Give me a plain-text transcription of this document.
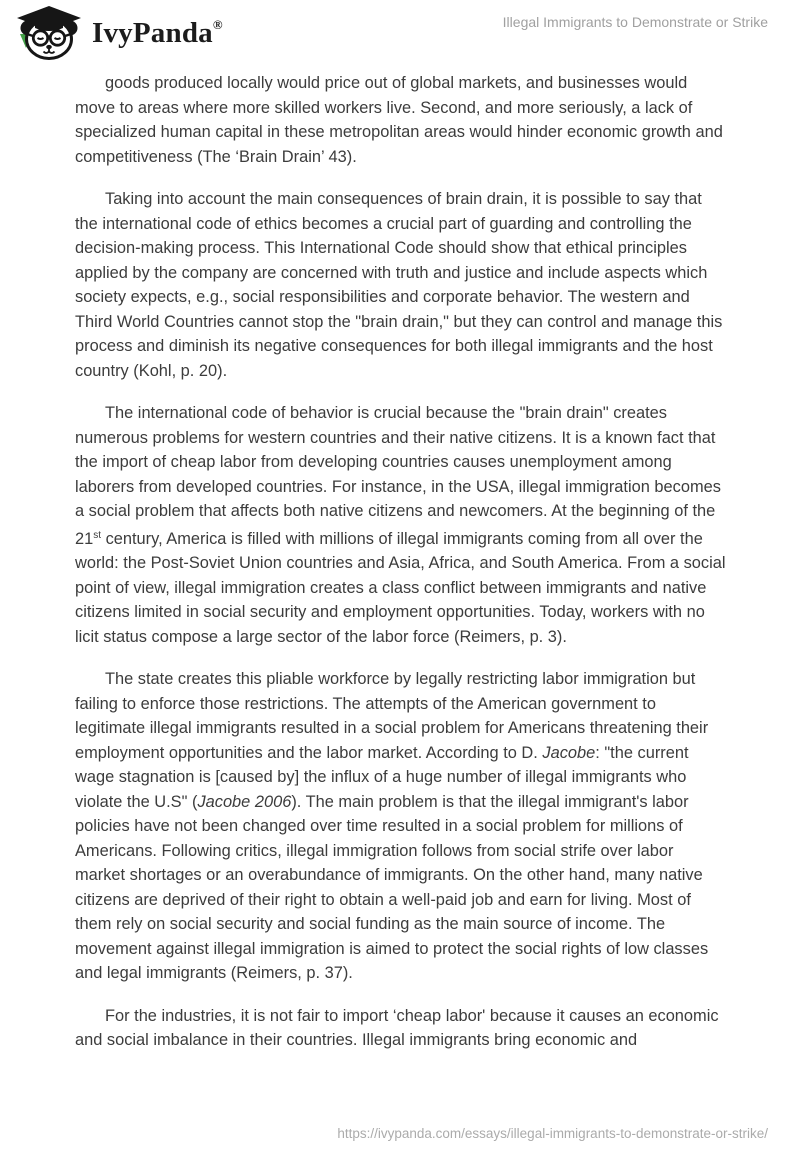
IvyPanda®	Illegal Immigrants to Demonstrate or Strike

goods produced locally would price out of global markets, and businesses would move to areas where more skilled workers live. Second, and more seriously, a lack of specialized human capital in these metropolitan areas would hinder economic growth and competitiveness (The ‘Brain Drain’ 43).

Taking into account the main consequences of brain drain, it is possible to say that the international code of ethics becomes a crucial part of guarding and controlling the decision-making process. This International Code should show that ethical principles applied by the company are concerned with truth and justice and include aspects which society expects, e.g., social responsibilities and corporate behavior. The western and Third World Countries cannot stop the "brain drain," but they can control and manage this process and diminish its negative consequences for both illegal immigrants and the host country (Kohl, p. 20).

The international code of behavior is crucial because the "brain drain" creates numerous problems for western countries and their native citizens. It is a known fact that the import of cheap labor from developing countries causes unemployment among laborers from developed countries. For instance, in the USA, illegal immigration becomes a social problem that affects both native citizens and newcomers. At the beginning of the 21st century, America is filled with millions of illegal immigrants coming from all over the world: the Post-Soviet Union countries and Asia, Africa, and South America. From a social point of view, illegal immigration creates a class conflict between immigrants and native citizens limited in social security and employment opportunities. Today, workers with no licit status compose a large sector of the labor force (Reimers, p. 3).

The state creates this pliable workforce by legally restricting labor immigration but failing to enforce those restrictions. The attempts of the American government to legitimate illegal immigrants resulted in a social problem for Americans threatening their employment opportunities and the labor market. According to D. Jacobe: "the current wage stagnation is [caused by] the influx of a huge number of illegal immigrants who violate the U.S" (Jacobe 2006). The main problem is that the illegal immigrant's labor policies have not been changed over time resulted in a social problem for millions of Americans. Following critics, illegal immigration follows from social strife over labor market shortages or an overabundance of immigrants. On the other hand, many native citizens are deprived of their right to obtain a well-paid job and earn for living. Most of them rely on social security and social funding as the main source of income. The movement against illegal immigration is aimed to protect the social rights of low classes and legal immigrants (Reimers, p. 37).

For the industries, it is not fair to import ‘cheap labor' because it causes an economic and social imbalance in their countries. Illegal immigrants bring economic and

https://ivypanda.com/essays/illegal-immigrants-to-demonstrate-or-strike/
